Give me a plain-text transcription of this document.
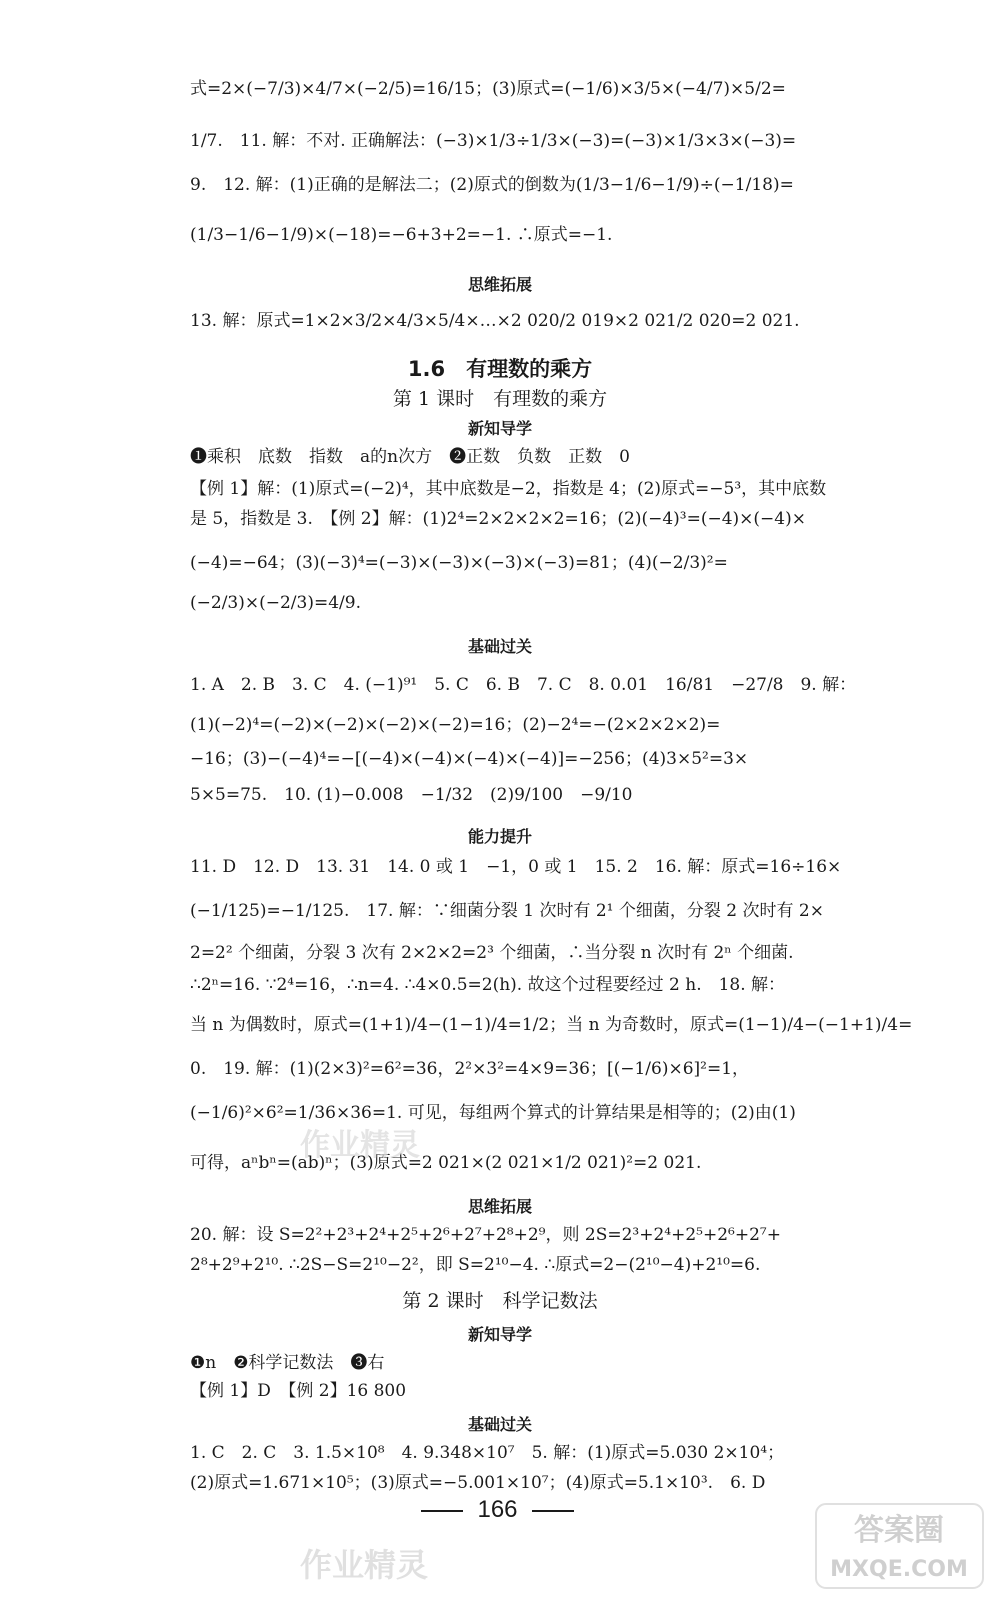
式=2×(−7/3)×4/7×(−2/5)=16/15；(3)原式=(−1/6)×3/5×(−4/7)×5/2=
1/7.　11. 解：不对. 正确解法：(−3)×1/3÷1/3×(−3)=(−3)×1/3×3×(−3)=
9.　12. 解：(1)正确的是解法二；(2)原式的倒数为(1/3−1/6−1/9)÷(−1/18)=
(1/3−1/6−1/9)×(−18)=−6+3+2=−1. ∴原式=−1.
思维拓展
13. 解：原式=1×2×3/2×4/3×5/4×…×2 020/2 019×2 021/2 020=2 021.
1.6　有理数的乘方
第 1 课时　有理数的乘方
新知导学
❶乘积　底数　指数　a的n次方　❷正数　负数　正数　0
【例 1】解：(1)原式=(−2)⁴，其中底数是−2，指数是 4；(2)原式=−5³，其中底数
是 5，指数是 3.　【例 2】解：(1)2⁴=2×2×2×2=16；(2)(−4)³=(−4)×(−4)×
(−4)=−64；(3)(−3)⁴=(−3)×(−3)×(−3)×(−3)=81；(4)(−2/3)²=
(−2/3)×(−2/3)=4/9.
基础过关
1. A　2. B　3. C　4. (−1)⁹¹　5. C　6. B　7. C　8. 0.01　16/81　−27/8　9. 解：
(1)(−2)⁴=(−2)×(−2)×(−2)×(−2)=16；(2)−2⁴=−(2×2×2×2)=
−16；(3)−(−4)⁴=−[(−4)×(−4)×(−4)×(−4)]=−256；(4)3×5²=3×
5×5=75.　10. (1)−0.008　−1/32　(2)9/100　−9/10
能力提升
11. D　12. D　13. 31　14. 0 或 1　−1，0 或 1　15. 2　16. 解：原式=16÷16×
(−1/125)=−1/125.　17. 解：∵细菌分裂 1 次时有 2¹ 个细菌，分裂 2 次时有 2×
2=2² 个细菌，分裂 3 次有 2×2×2=2³ 个细菌，∴当分裂 n 次时有 2ⁿ 个细菌.
∴2ⁿ=16. ∵2⁴=16，∴n=4. ∴4×0.5=2(h). 故这个过程要经过 2 h.　18. 解：
当 n 为偶数时，原式=(1+1)/4−(1−1)/4=1/2；当 n 为奇数时，原式=(1−1)/4−(−1+1)/4=
0.　19. 解：(1)(2×3)²=6²=36，2²×3²=4×9=36；[(−1/6)×6]²=1，
(−1/6)²×6²=1/36×36=1. 可见，每组两个算式的计算结果是相等的；(2)由(1)
可得，aⁿbⁿ=(ab)ⁿ；(3)原式=2 021×(2 021×1/2 021)²=2 021.
思维拓展
20. 解：设 S=2²+2³+2⁴+2⁵+2⁶+2⁷+2⁸+2⁹，则 2S=2³+2⁴+2⁵+2⁶+2⁷+
2⁸+2⁹+2¹⁰. ∴2S−S=2¹⁰−2²，即 S=2¹⁰−4. ∴原式=2−(2¹⁰−4)+2¹⁰=6.
第 2 课时　科学记数法
新知导学
❶n　❷科学记数法　❸右
【例 1】D　【例 2】16 800
基础过关
1. C　2. C　3. 1.5×10⁸　4. 9.348×10⁷　5. 解：(1)原式=5.030 2×10⁴；
(2)原式=1.671×10⁵；(3)原式=−5.001×10⁷；(4)原式=5.1×10³.　6. D
166
作业精灵
作业精灵
答案圈
MXQE.COM
